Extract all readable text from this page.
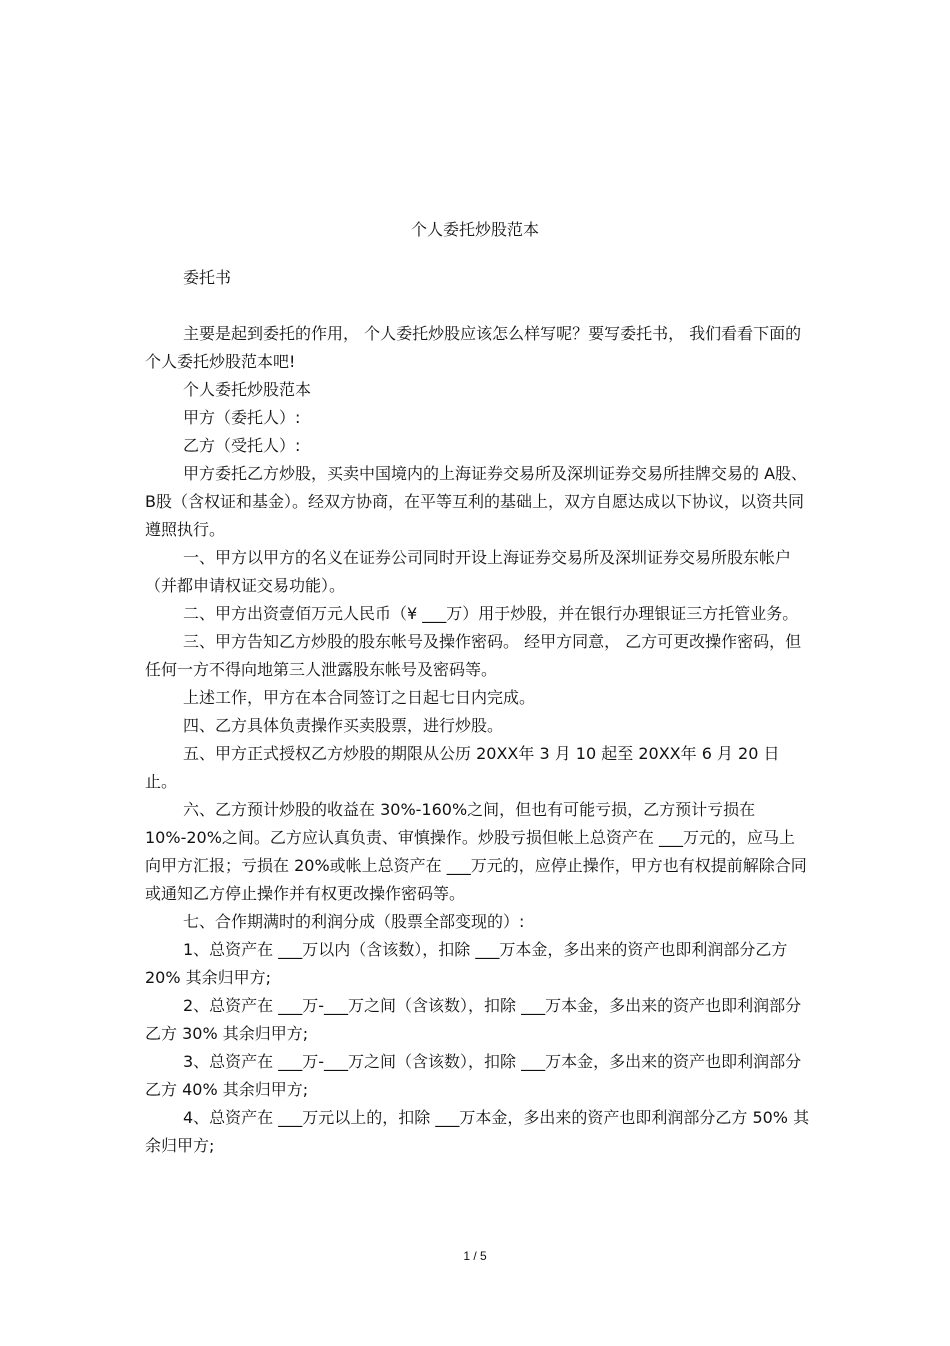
个人委托炒股范本

委托书

主要是起到委托的作用， 个人委托炒股应该怎么样写呢？要写委托书， 我们看看下面的个人委托炒股范本吧!

个人委托炒股范本

甲方（委托人）:

乙方（受托人）:

甲方委托乙方炒股，买卖中国境内的上海证券交易所及深圳证券交易所挂牌交易的 A股、B股（含权证和基金）。经双方协商，在平等互利的基础上，双方自愿达成以下协议，以资共同遵照执行。

一、甲方以甲方的名义在证券公司同时开设上海证券交易所及深圳证券交易所股东帐户（并都申请权证交易功能）。

二、甲方出资壹佰万元人民币（¥ ___万）用于炒股，并在银行办理银证三方托管业务。

三、甲方告知乙方炒股的股东帐号及操作密码。 经甲方同意， 乙方可更改操作密码，但任何一方不得向地第三人泄露股东帐号及密码等。

上述工作，甲方在本合同签订之日起七日内完成。

四、乙方具体负责操作买卖股票，进行炒股。

五、甲方正式授权乙方炒股的期限从公历 20XX年 3 月 10 起至 20XX年 6 月 20 日止。

六、乙方预计炒股的收益在 30%-160%之间，但也有可能亏损，乙方预计亏损在 10%-20%之间。乙方应认真负责、审慎操作。炒股亏损但帐上总资产在 ___万元的，应马上向甲方汇报；亏损在 20%或帐上总资产在 ___万元的，应停止操作，甲方也有权提前解除合同或通知乙方停止操作并有权更改操作密码等。

七、合作期满时的利润分成（股票全部变现的）:

1、总资产在 ___万以内（含该数），扣除 ___万本金，多出来的资产也即利润部分乙方 20% 其余归甲方;

2、总资产在 ___万-___万之间（含该数），扣除 ___万本金，多出来的资产也即利润部分乙方 30% 其余归甲方;

3、总资产在 ___万-___万之间（含该数），扣除 ___万本金，多出来的资产也即利润部分乙方 40% 其余归甲方;

4、总资产在 ___万元以上的，扣除 ___万本金，多出来的资产也即利润部分乙方 50% 其余归甲方;

1 / 5
